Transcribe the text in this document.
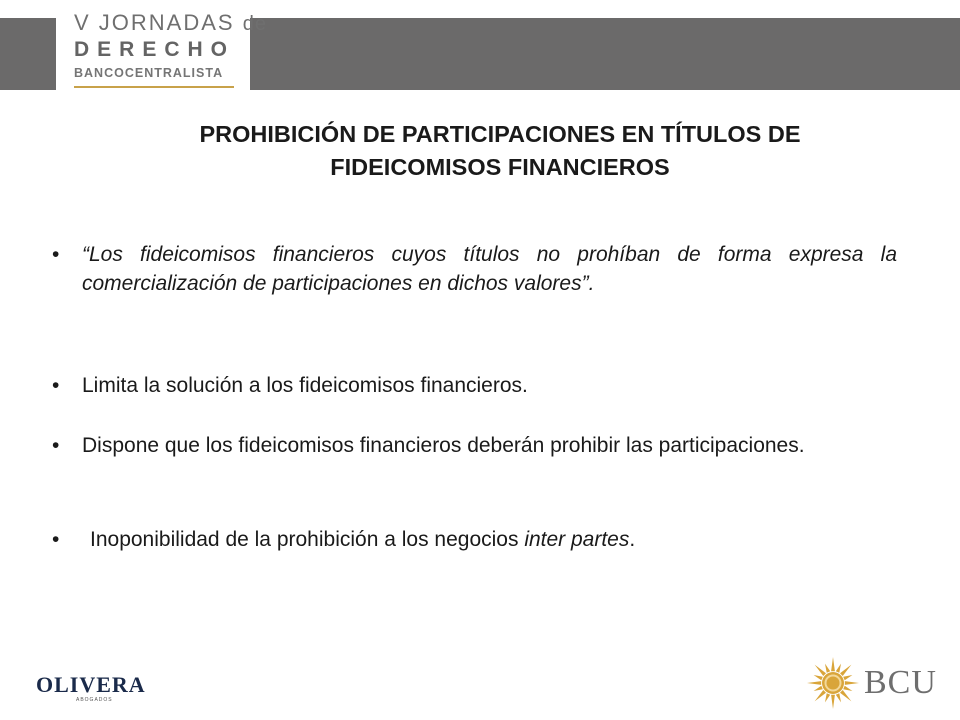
V JORNADAS de
DERECHO
BANCOCENTRALISTA
PROHIBICIÓN DE PARTICIPACIONES EN TÍTULOS DE
FIDEICOMISOS FINANCIEROS
•	“Los fideicomisos financieros cuyos títulos no prohíban de forma expresa la comercialización de participaciones en dichos valores”.
•	Limita la solución a los fideicomisos financieros.
•	Dispone que los fideicomisos financieros deberán prohibir las participaciones.
•	Inoponibilidad de la prohibición a los negocios inter partes.
OLIVERA
ABOGADOS	BCU
